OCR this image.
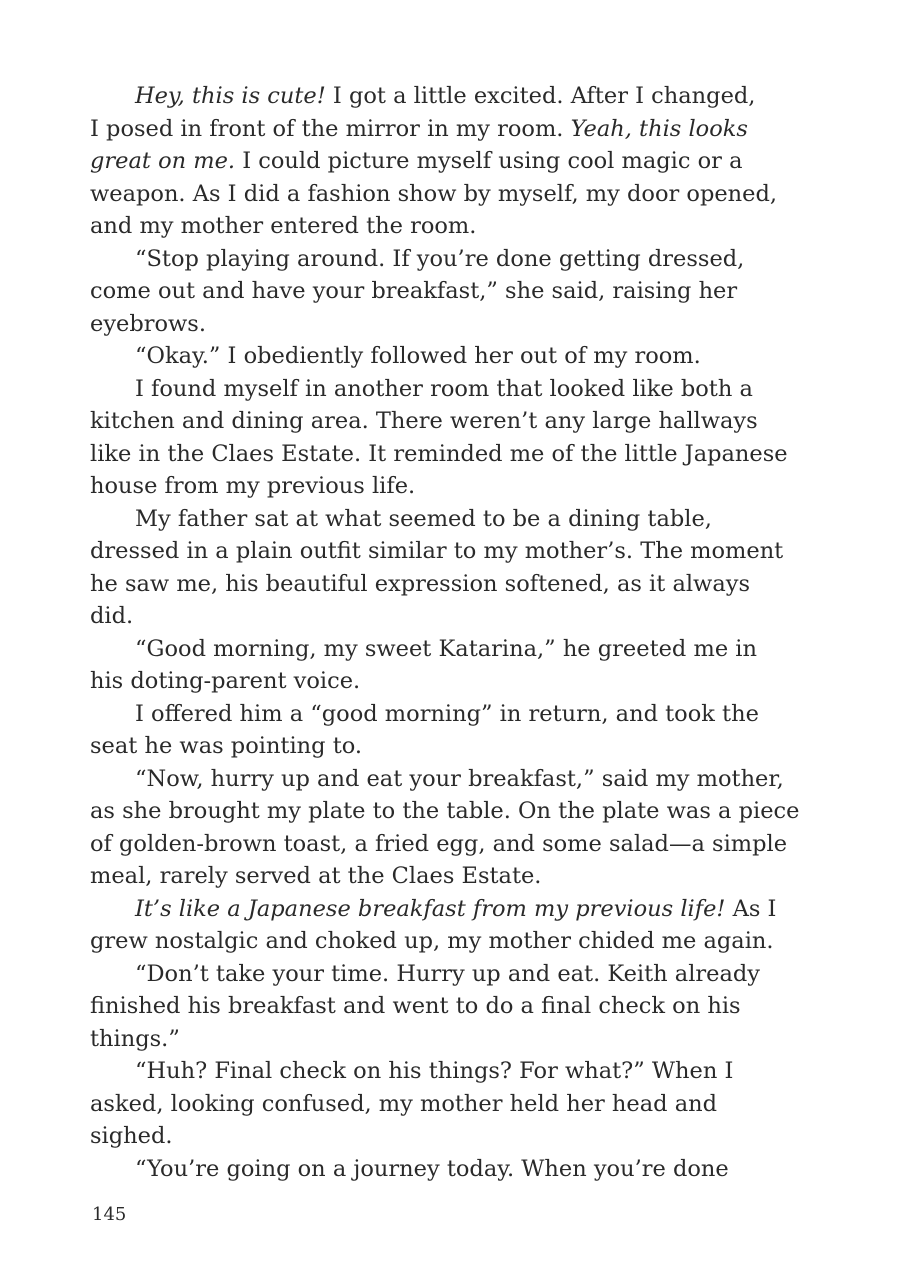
Hey, this is cute! I got a little excited. After I changed,
I posed in front of the mirror in my room. Yeah, this looks
great on me. I could picture myself using cool magic or a
weapon. As I did a fashion show by myself, my door opened,
and my mother entered the room.
“Stop playing around. If you’re done getting dressed,
come out and have your breakfast,” she said, raising her
eyebrows.
“Okay.” I obediently followed her out of my room.
I found myself in another room that looked like both a
kitchen and dining area. There weren’t any large hallways
like in the Claes Estate. It reminded me of the little Japanese
house from my previous life.
My father sat at what seemed to be a dining table,
dressed in a plain outfit similar to my mother’s. The moment
he saw me, his beautiful expression softened, as it always
did.
“Good morning, my sweet Katarina,” he greeted me in
his doting-parent voice.
I offered him a “good morning” in return, and took the
seat he was pointing to.
“Now, hurry up and eat your breakfast,” said my mother,
as she brought my plate to the table. On the plate was a piece
of golden-brown toast, a fried egg, and some salad—a simple
meal, rarely served at the Claes Estate.
It’s like a Japanese breakfast from my previous life! As I
grew nostalgic and choked up, my mother chided me again.
“Don’t take your time. Hurry up and eat. Keith already
finished his breakfast and went to do a final check on his
things.”
“Huh? Final check on his things? For what?” When I
asked, looking confused, my mother held her head and
sighed.
“You’re going on a journey today. When you’re done
145
